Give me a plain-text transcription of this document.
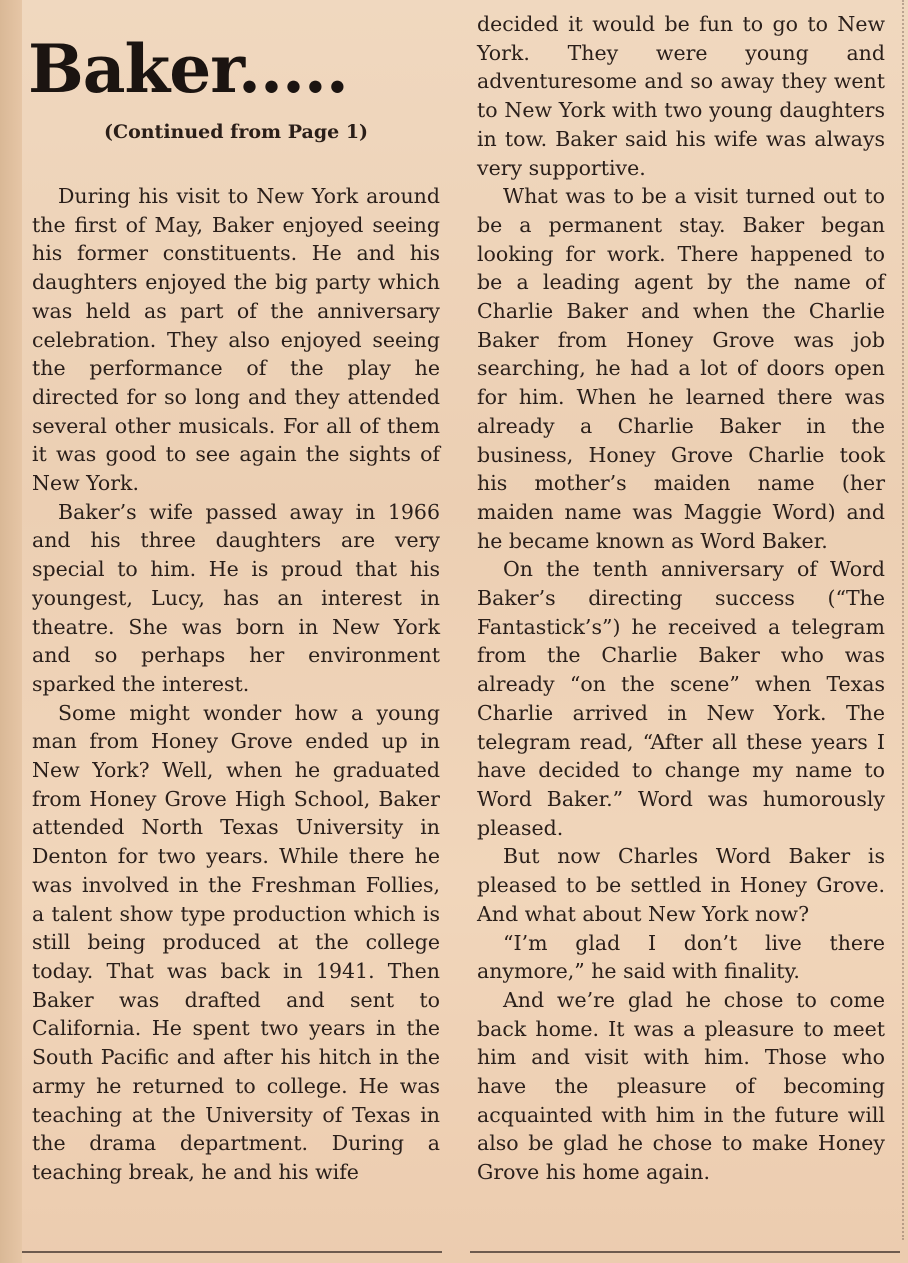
Baker.....
(Continued from Page 1)

During his visit to New York around the first of May, Baker enjoyed seeing his former constituents. He and his daughters enjoyed the big party which was held as part of the anniversary celebration. They also enjoyed seeing the performance of the play he directed for so long and they attended several other musicals. For all of them it was good to see again the sights of New York.

Baker’s wife passed away in 1966 and his three daughters are very special to him. He is proud that his youngest, Lucy, has an interest in theatre. She was born in New York and so perhaps her environment sparked the interest.

Some might wonder how a young man from Honey Grove ended up in New York? Well, when he graduated from Honey Grove High School, Baker attended North Texas University in Denton for two years. While there he was involved in the Freshman Follies, a talent show type production which is still being produced at the college today. That was back in 1941. Then Baker was drafted and sent to California. He spent two years in the South Pacific and after his hitch in the army he returned to college. He was teaching at the University of Texas in the drama department. During a teaching break, he and his wife

decided it would be fun to go to New York. They were young and adventuresome and so away they went to New York with two young daughters in tow. Baker said his wife was always very supportive.

What was to be a visit turned out to be a permanent stay. Baker began looking for work. There happened to be a leading agent by the name of Charlie Baker and when the Charlie Baker from Honey Grove was job searching, he had a lot of doors open for him. When he learned there was already a Charlie Baker in the business, Honey Grove Charlie took his mother’s maiden name (her maiden name was Maggie Word) and he became known as Word Baker.

On the tenth anniversary of Word Baker’s directing success (“The Fantastick’s”) he received a telegram from the Charlie Baker who was already “on the scene” when Texas Charlie arrived in New York. The telegram read, “After all these years I have decided to change my name to Word Baker.” Word was humorously pleased.

But now Charles Word Baker is pleased to be settled in Honey Grove. And what about New York now?

“I’m glad I don’t live there anymore,” he said with finality.

And we’re glad he chose to come back home. It was a pleasure to meet him and visit with him. Those who have the pleasure of becoming acquainted with him in the future will also be glad he chose to make Honey Grove his home again.
